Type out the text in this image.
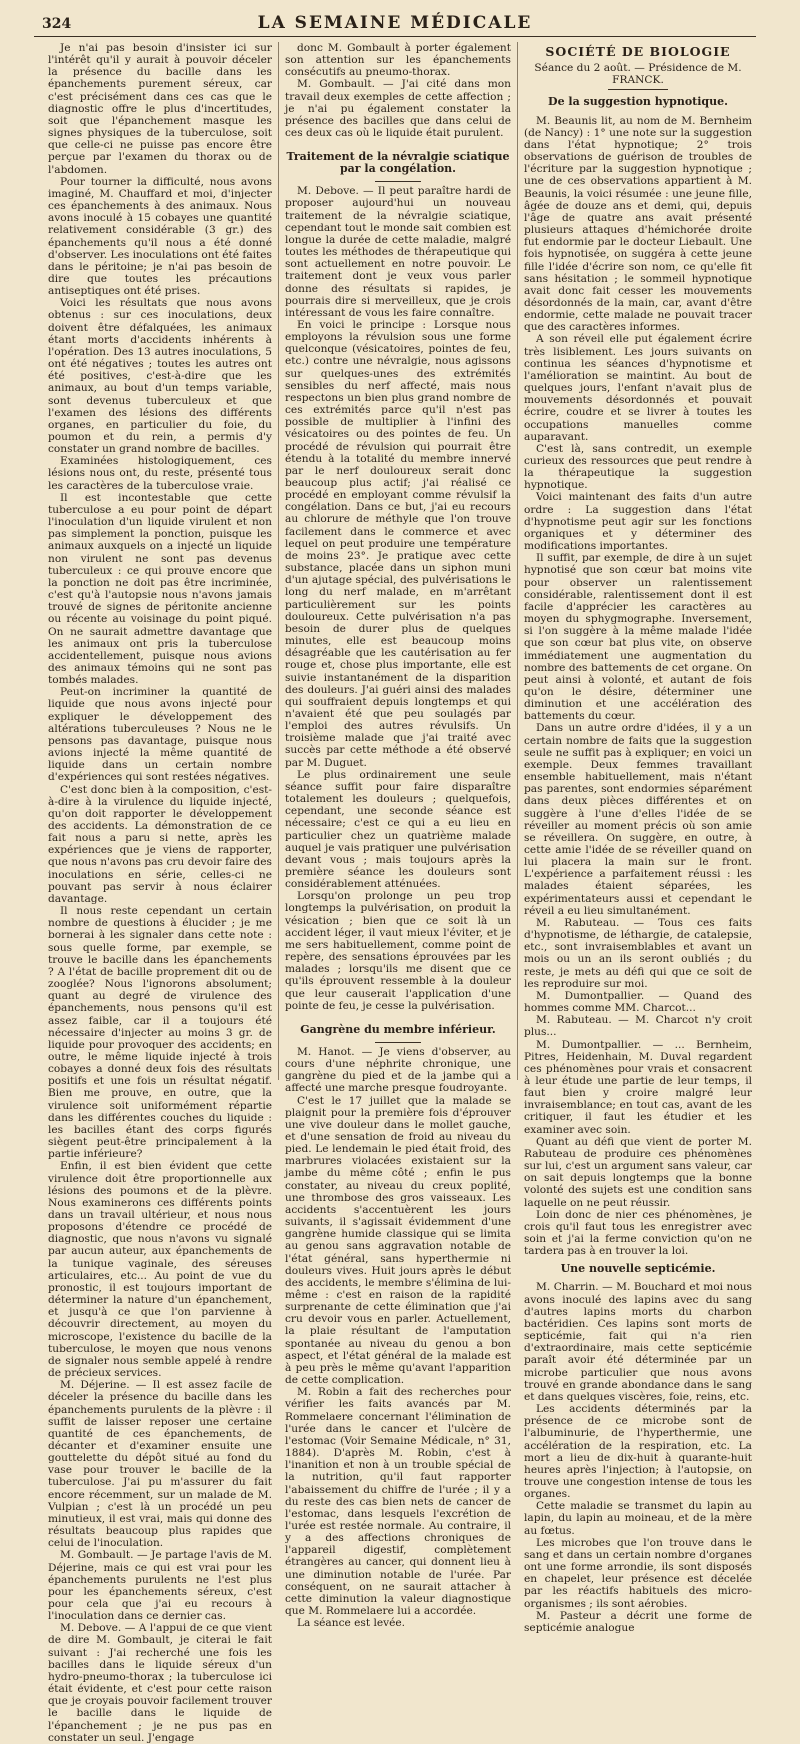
324	LA SEMAINE MÉDICALE

Je n'ai pas besoin d'insister ici sur l'intérêt qu'il y aurait à pouvoir déceler la présence du bacille dans les épanchements purement séreux, car c'est précisément dans ces cas que le diagnostic offre le plus d'incertitudes, soit que l'épanchement masque les signes physiques de la tuberculose, soit que celle-ci ne puisse pas encore être perçue par l'examen du thorax ou de l'abdomen.

Pour tourner la difficulté, nous avons imaginé, M. Chauffard et moi, d'injecter ces épanchements à des animaux. Nous avons inoculé à 15 cobayes une quantité relativement considérable (3 gr.) des épanchements qu'il nous a été donné d'observer. Les inoculations ont été faites dans le péritoine; je n'ai pas besoin de dire que toutes les précautions antiseptiques ont été prises.

Voici les résultats que nous avons obtenus : sur ces inoculations, deux doivent être défalquées, les animaux étant morts d'accidents inhérents à l'opération. Des 13 autres inoculations, 5 ont été négatives ; toutes les autres ont été positives, c'est-à-dire que les animaux, au bout d'un temps variable, sont devenus tuberculeux et que l'examen des lésions des différents organes, en particulier du foie, du poumon et du rein, a permis d'y constater un grand nombre de bacilles.

Examinées histologiquement, ces lésions nous ont, du reste, présenté tous les caractères de la tuberculose vraie.

Il est incontestable que cette tuberculose a eu pour point de départ l'inoculation d'un liquide virulent et non pas simplement la ponction, puisque les animaux auxquels on a injecté un liquide non virulent ne sont pas devenus tuberculeux : ce qui prouve encore que la ponction ne doit pas être incriminée, c'est qu'à l'autopsie nous n'avons jamais trouvé de signes de péritonite ancienne ou récente au voisinage du point piqué. On ne saurait admettre davantage que les animaux ont pris la tuberculose accidentellement, puisque nous avions des animaux témoins qui ne sont pas tombés malades.

Peut-on incriminer la quantité de liquide que nous avons injecté pour expliquer le développement des altérations tuberculeuses ? Nous ne le pensons pas davantage, puisque nous avions injecté la même quantité de liquide dans un certain nombre d'expériences qui sont restées négatives.

C'est donc bien à la composition, c'est-à-dire à la virulence du liquide injecté, qu'on doit rapporter le développement des accidents. La démonstration de ce fait nous a paru si nette, après les expériences que je viens de rapporter, que nous n'avons pas cru devoir faire des inoculations en série, celles-ci ne pouvant pas servir à nous éclairer davantage.

Il nous reste cependant un certain nombre de questions à élucider ; je me bornerai à les signaler dans cette note : sous quelle forme, par exemple, se trouve le bacille dans les épanchements ? A l'état de bacille proprement dit ou de zooglée? Nous l'ignorons absolument; quant au degré de virulence des épanchements, nous pensons qu'il est assez faible, car il a toujours été nécessaire d'injecter au moins 3 gr. de liquide pour provoquer des accidents; en outre, le même liquide injecté à trois cobayes a donné deux fois des résultats positifs et une fois un résultat négatif. Bien me prouve, en outre, que la virulence soit uniformément répartie dans les différentes couches du liquide : les bacilles étant des corps figurés siègent peut-être principalement à la partie inférieure?

Enfin, il est bien évident que cette virulence doit être proportionnelle aux lésions des poumons et de la plèvre. Nous examinerons ces différents points dans un travail ultérieur, et nous nous proposons d'étendre ce procédé de diagnostic, que nous n'avons vu signalé par aucun auteur, aux épanchements de la tunique vaginale, des séreuses articulaires, etc... Au point de vue du pronostic, il est toujours important de déterminer la nature d'un épanchement, et jusqu'à ce que l'on parvienne à découvrir directement, au moyen du microscope, l'existence du bacille de la tuberculose, le moyen que nous venons de signaler nous semble appelé à rendre de précieux services.

M. Déjerine. — Il est assez facile de déceler la présence du bacille dans les épanchements purulents de la plèvre : il suffit de laisser reposer une certaine quantité de ces épanchements, de décanter et d'examiner ensuite une gouttelette du dépôt situé au fond du vase pour trouver le bacille de la tuberculose. J'ai pu m'assurer du fait encore récemment, sur un malade de M. Vulpian ; c'est là un procédé un peu minutieux, il est vrai, mais qui donne des résultats beaucoup plus rapides que celui de l'inoculation.

M. Gombault. — Je partage l'avis de M. Déjerine, mais ce qui est vrai pour les épanchements purulents ne l'est plus pour les épanchements séreux, c'est pour cela que j'ai eu recours à l'inoculation dans ce dernier cas.

M. Debove. — A l'appui de ce que vient de dire M. Gombault, je citerai le fait suivant : J'ai recherché une fois les bacilles dans le liquide séreux d'un hydro-pneumo-thorax ; la tuberculose ici était évidente, et c'est pour cette raison que je croyais pouvoir facilement trouver le bacille dans le liquide de l'épanchement ; je ne pus pas en constater un seul. J'engage

donc M. Gombault à porter également son attention sur les épanchements consécutifs au pneumo-thorax.

M. Gombault. — J'ai cité dans mon travail deux exemples de cette affection ; je n'ai pu également constater la présence des bacilles que dans celui de ces deux cas où le liquide était purulent.

Traitement de la névralgie sciatique par la congélation.

M. Debove. — Il peut paraître hardi de proposer aujourd'hui un nouveau traitement de la névralgie sciatique, cependant tout le monde sait combien est longue la durée de cette maladie, malgré toutes les méthodes de thérapeutique qui sont actuellement en notre pouvoir. Le traitement dont je veux vous parler donne des résultats si rapides, je pourrais dire si merveilleux, que je crois intéressant de vous les faire connaître.

En voici le principe : Lorsque nous employons la révulsion sous une forme quelconque (vésicatoires, pointes de feu, etc.) contre une névralgie, nous agissons sur quelques-unes des extrémités sensibles du nerf affecté, mais nous respectons un bien plus grand nombre de ces extrémités parce qu'il n'est pas possible de multiplier à l'infini des vésicatoires ou des pointes de feu. Un procédé de révulsion qui pourrait être étendu à la totalité du membre innervé par le nerf douloureux serait donc beaucoup plus actif; j'ai réalisé ce procédé en employant comme révulsif la congélation. Dans ce but, j'ai eu recours au chlorure de méthyle que l'on trouve facilement dans le commerce et avec lequel on peut produire une température de moins 23°. Je pratique avec cette substance, placée dans un siphon muni d'un ajutage spécial, des pulvérisations le long du nerf malade, en m'arrêtant particulièrement sur les points douloureux. Cette pulvérisation n'a pas besoin de durer plus de quelques minutes, elle est beaucoup moins désagréable que les cautérisation au fer rouge et, chose plus importante, elle est suivie instantanément de la disparition des douleurs. J'ai guéri ainsi des malades qui souffraient depuis longtemps et qui n'avaient été que peu soulagés par l'emploi des autres révulsifs. Un troisième malade que j'ai traité avec succès par cette méthode a été observé par M. Duguet.

Le plus ordinairement une seule séance suffit pour faire disparaître totalement les douleurs ; quelquefois, cependant, une seconde séance est nécessaire; c'est ce qui a eu lieu en particulier chez un quatrième malade auquel je vais pratiquer une pulvérisation devant vous ; mais toujours après la première séance les douleurs sont considérablement atténuées.

Lorsqu'on prolonge un peu trop longtemps la pulvérisation, on produit la vésication ; bien que ce soit là un accident léger, il vaut mieux l'éviter, et je me sers habituellement, comme point de repère, des sensations éprouvées par les malades ; lorsqu'ils me disent que ce qu'ils éprouvent ressemble à la douleur que leur causerait l'application d'une pointe de feu, je cesse la pulvérisation.

Gangrène du membre inférieur.

M. Hanot. — Je viens d'observer, au cours d'une néphrite chronique, une gangrène du pied et de la jambe qui a affecté une marche presque foudroyante.

C'est le 17 juillet que la malade se plaignit pour la première fois d'éprouver une vive douleur dans le mollet gauche, et d'une sensation de froid au niveau du pied. Le lendemain le pied était froid, des marbrures violacées existaient sur la jambe du même côté ; enfin le pus constater, au niveau du creux poplité, une thrombose des gros vaisseaux. Les accidents s'accentuèrent les jours suivants, il s'agissait évidemment d'une gangrène humide classique qui se limita au genou sans aggravation notable de l'état général, sans hyperthermie ni douleurs vives. Huit jours après le début des accidents, le membre s'élimina de lui-même : c'est en raison de la rapidité surprenante de cette élimination que j'ai cru devoir vous en parler. Actuellement, la plaie résultant de l'amputation spontanée au niveau du genou a bon aspect, et l'état général de la malade est à peu près le même qu'avant l'apparition de cette complication.

M. Robin a fait des recherches pour vérifier les faits avancés par M. Rommelaere concernant l'élimination de l'urée dans le cancer et l'ulcère de l'estomac (Voir Semaine Médicale, n° 31, 1884). D'après M. Robin, c'est à l'inanition et non à un trouble spécial de la nutrition, qu'il faut rapporter l'abaissement du chiffre de l'urée ; il y a du reste des cas bien nets de cancer de l'estomac, dans lesquels l'excrétion de l'urée est restée normale. Au contraire, il y a des affections chroniques de l'appareil digestif, complètement étrangères au cancer, qui donnent lieu à une diminution notable de l'urée. Par conséquent, on ne saurait attacher à cette diminution la valeur diagnostique que M. Rommelaere lui a accordée.

La séance est levée.

SOCIÉTÉ DE BIOLOGIE
Séance du 2 août. — Présidence de M. FRANCK.
De la suggestion hypnotique.

M. Beaunis lit, au nom de M. Bernheim (de Nancy) : 1° une note sur la suggestion dans l'état hypnotique; 2° trois observations de guérison de troubles de l'écriture par la suggestion hypnotique ; une de ces observations appartient à M. Beaunis, la voici résumée : une jeune fille, âgée de douze ans et demi, qui, depuis l'âge de quatre ans avait présenté plusieurs attaques d'hémichorée droite fut endormie par le docteur Liebault. Une fois hypnotisée, on suggéra à cette jeune fille l'idée d'écrire son nom, ce qu'elle fit sans hésitation ; le sommeil hypnotique avait donc fait cesser les mouvements désordonnés de la main, car, avant d'être endormie, cette malade ne pouvait tracer que des caractères informes.

A son réveil elle put également écrire très lisiblement. Les jours suivants on continua les séances d'hypnotisme et l'amélioration se maintint. Au bout de quelques jours, l'enfant n'avait plus de mouvements désordonnés et pouvait écrire, coudre et se livrer à toutes les occupations manuelles comme auparavant.

C'est là, sans contredit, un exemple curieux des ressources que peut rendre à la thérapeutique la suggestion hypnotique.

Voici maintenant des faits d'un autre ordre : La suggestion dans l'état d'hypnotisme peut agir sur les fonctions organiques et y déterminer des modifications importantes.

Il suffit, par exemple, de dire à un sujet hypnotisé que son cœur bat moins vite pour observer un ralentissement considérable, ralentissement dont il est facile d'apprécier les caractères au moyen du sphygmographe. Inversement, si l'on suggère à la même malade l'idée que son cœur bat plus vite, on observe immédiatement une augmentation du nombre des battements de cet organe. On peut ainsi à volonté, et autant de fois qu'on le désire, déterminer une diminution et une accélération des battements du cœur.

Dans un autre ordre d'idées, il y a un certain nombre de faits que la suggestion seule ne suffit pas à expliquer; en voici un exemple. Deux femmes travaillant ensemble habituellement, mais n'étant pas parentes, sont endormies séparément dans deux pièces différentes et on suggère à l'une d'elles l'idée de se réveiller au moment précis où son amie se réveillera. On suggère, en outre, à cette amie l'idée de se réveiller quand on lui placera la main sur le front. L'expérience a parfaitement réussi : les malades étaient séparées, les expérimentateurs aussi et cependant le réveil a eu lieu simultanément.

M. Rabuteau. — Tous ces faits d'hypnotisme, de léthargie, de catalepsie, etc., sont invraisemblables et avant un mois ou un an ils seront oubliés ; du reste, je mets au défi qui que ce soit de les reproduire sur moi.

M. Dumontpallier. — Quand des hommes comme MM. Charcot...

M. Rabuteau. — M. Charcot n'y croit plus...

M. Dumontpallier. — ... Bernheim, Pitres, Heidenhain, M. Duval regardent ces phénomènes pour vrais et consacrent à leur étude une partie de leur temps, il faut bien y croire malgré leur invraisemblance; en tout cas, avant de les critiquer, il faut les étudier et les examiner avec soin.

Quant au défi que vient de porter M. Rabuteau de produire ces phénomènes sur lui, c'est un argument sans valeur, car on sait depuis longtemps que la bonne volonté des sujets est une condition sans laquelle on ne peut réussir.

Loin donc de nier ces phénomènes, je crois qu'il faut tous les enregistrer avec soin et j'ai la ferme conviction qu'on ne tardera pas à en trouver la loi.

Une nouvelle septicémie.

M. Charrin. — M. Bouchard et moi nous avons inoculé des lapins avec du sang d'autres lapins morts du charbon bactéridien. Ces lapins sont morts de septicémie, fait qui n'a rien d'extraordinaire, mais cette septicémie paraît avoir été déterminée par un microbe particulier que nous avons trouvé en grande abondance dans le sang et dans quelques viscères, foie, reins, etc.

Les accidents déterminés par la présence de ce microbe sont de l'albuminurie, de l'hyperthermie, une accélération de la respiration, etc. La mort a lieu de dix-huit à quarante-huit heures après l'injection; à l'autopsie, on trouve une congestion intense de tous les organes.

Cette maladie se transmet du lapin au lapin, du lapin au moineau, et de la mère au fœtus.

Les microbes que l'on trouve dans le sang et dans un certain nombre d'organes ont une forme arrondie, ils sont disposés en chapelet, leur présence est décelée par les réactifs habituels des micro-organismes ; ils sont aérobies.

M. Pasteur a décrit une forme de septicémie analogue
